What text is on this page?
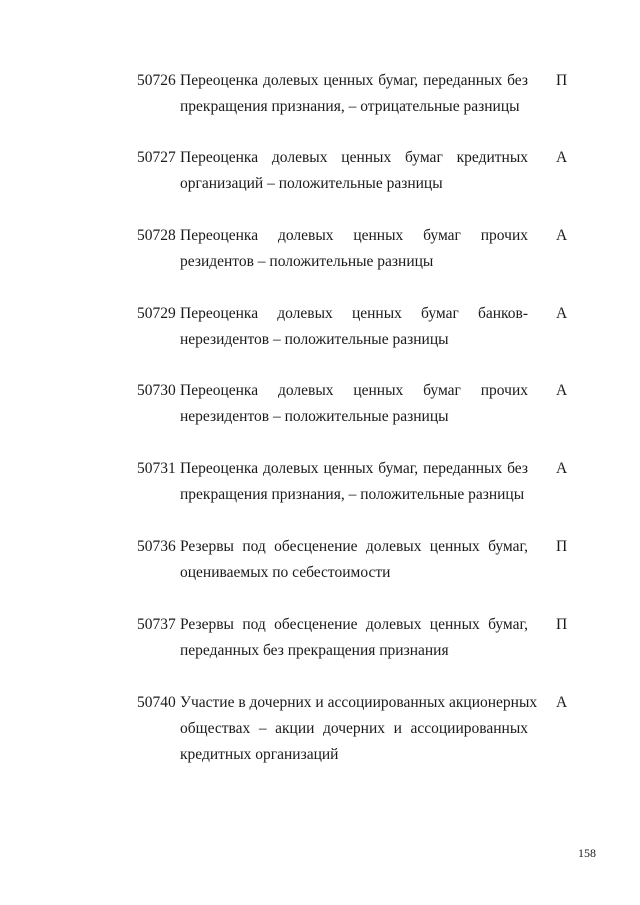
50726 Переоценка долевых ценных бумаг, переданных без
прекращения признания, – отрицательные разницы
П
50727 Переоценка долевых ценных бумаг кредитных
организаций – положительные разницы
А
50728 Переоценка долевых ценных бумаг прочих
резидентов – положительные разницы
А
50729 Переоценка долевых ценных бумаг банков-
нерезидентов – положительные разницы
А
50730 Переоценка долевых ценных бумаг прочих
нерезидентов – положительные разницы
А
50731 Переоценка долевых ценных бумаг, переданных без
прекращения признания, – положительные разницы
А
50736 Резервы под обесценение долевых ценных бумаг,
оцениваемых по себестоимости
П
50737 Резервы под обесценение долевых ценных бумаг,
переданных без прекращения признания
П
50740 Участие в дочерних и ассоциированных акционерных
обществах – акции дочерних и ассоциированных
кредитных организаций
А
158
